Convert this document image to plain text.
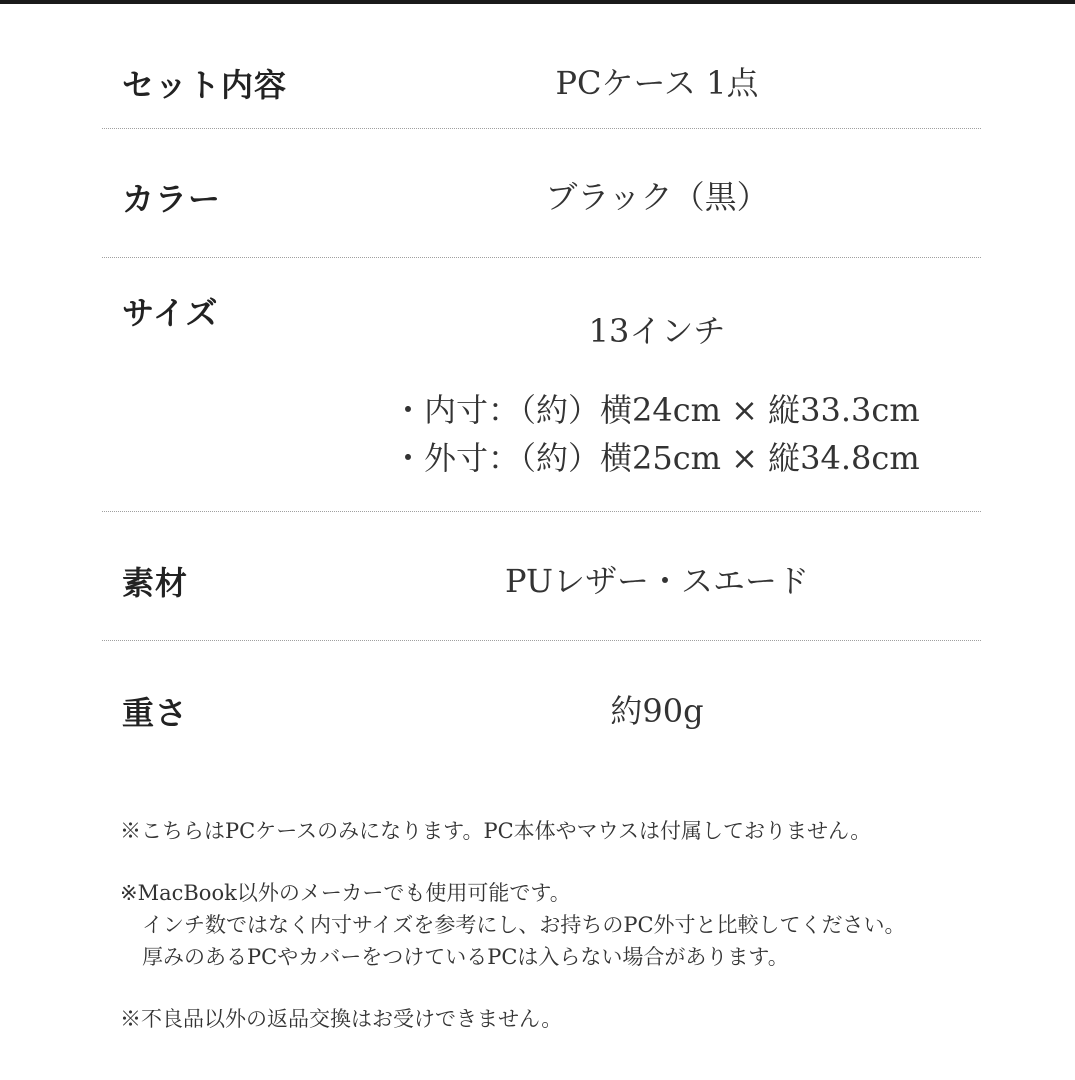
セット内容	PCケース 1点
カラー	ブラック（黒）
サイズ	13インチ
・内寸：（約）横24cm × 縦33.3cm
・外寸：（約）横25cm × 縦34.8cm
素材	PUレザー・スエード
重さ	約90g
※こちらはPCケースのみになります。PC本体やマウスは付属しておりません。
※MacBook以外のメーカーでも使用可能です。
インチ数ではなく内寸サイズを参考にし、お持ちのPC外寸と比較してください。
厚みのあるPCやカバーをつけているPCは入らない場合があります。
※不良品以外の返品交換はお受けできません。
